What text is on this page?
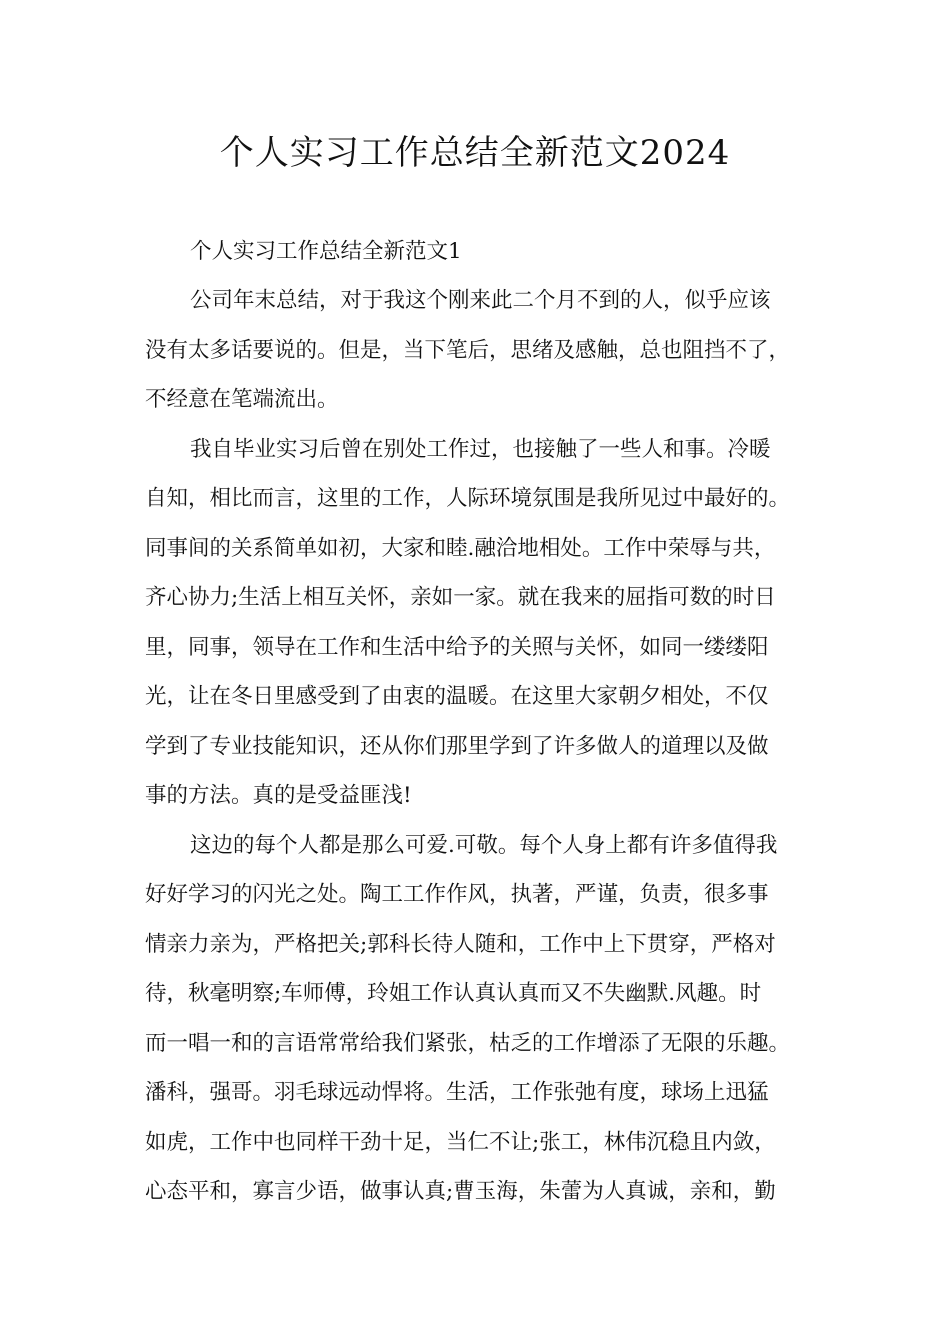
个人实习工作总结全新范文2024

个人实习工作总结全新范文1

公司年末总结，对于我这个刚来此二个月不到的人，似乎应该

没有太多话要说的。但是，当下笔后，思绪及感触，总也阻挡不了，

不经意在笔端流出。

我自毕业实习后曾在别处工作过，也接触了一些人和事。冷暖

自知，相比而言，这里的工作，人际环境氛围是我所见过中最好的。

同事间的关系简单如初，大家和睦.融洽地相处。工作中荣辱与共，

齐心协力;生活上相互关怀，亲如一家。就在我来的屈指可数的时日

里，同事，领导在工作和生活中给予的关照与关怀，如同一缕缕阳

光，让在冬日里感受到了由衷的温暖。在这里大家朝夕相处，不仅

学到了专业技能知识，还从你们那里学到了许多做人的道理以及做

事的方法。真的是受益匪浅!

这边的每个人都是那么可爱.可敬。每个人身上都有许多值得我

好好学习的闪光之处。陶工工作作风，执著，严谨，负责，很多事

情亲力亲为，严格把关;郭科长待人随和，工作中上下贯穿，严格对

待，秋毫明察;车师傅，玲姐工作认真认真而又不失幽默.风趣。时

而一唱一和的言语常常给我们紧张，枯乏的工作增添了无限的乐趣。

潘科，强哥。羽毛球远动悍将。生活，工作张弛有度，球场上迅猛

如虎，工作中也同样干劲十足，当仁不让;张工，林伟沉稳且内敛，

心态平和，寡言少语，做事认真;曹玉海，朱蕾为人真诚，亲和，勤
